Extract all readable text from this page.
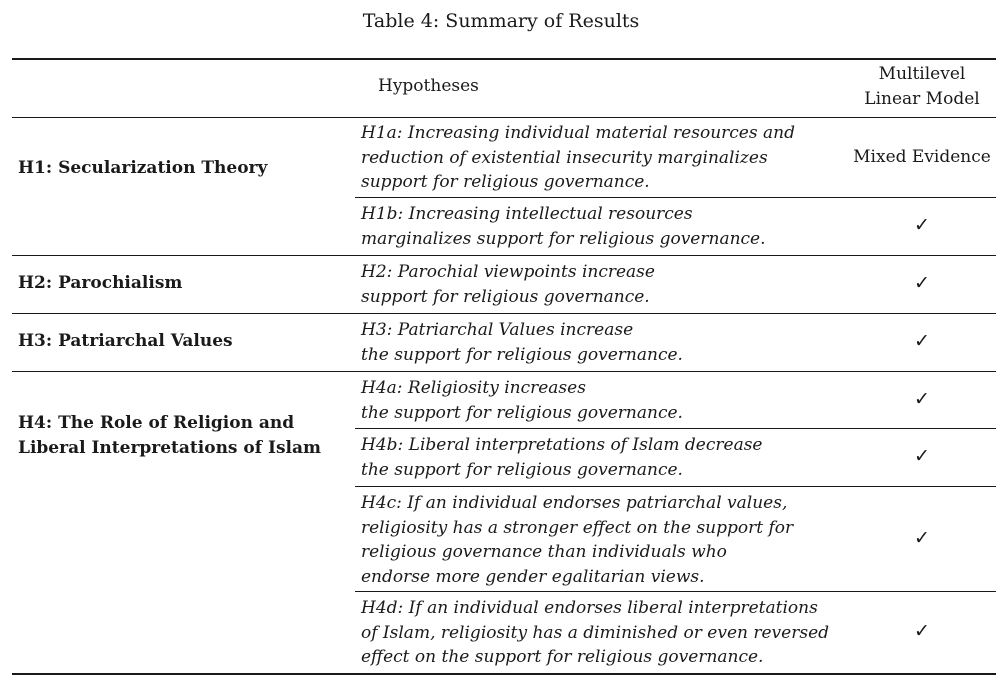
Table 4: Summary of Results
Hypotheses
Multilevel
Linear Model
H1: Secularization Theory
H2: Parochialism
H3: Patriarchal Values
H4: The Role of Religion and
Liberal Interpretations of Islam
H1a: Increasing individual material resources and
reduction of existential insecurity marginalizes
support for religious governance.
Mixed Evidence
H1b: Increasing intellectual resources
marginalizes support for religious governance.
✓
H2: Parochial viewpoints increase
support for religious governance.
✓
H3: Patriarchal Values increase
the support for religious governance.
✓
H4a: Religiosity increases
the support for religious governance.
✓
H4b: Liberal interpretations of Islam decrease
the support for religious governance.
✓
H4c: If an individual endorses patriarchal values,
religiosity has a stronger effect on the support for
religious governance than individuals who
endorse more gender egalitarian views.
✓
H4d: If an individual endorses liberal interpretations
of Islam, religiosity has a diminished or even reversed
effect on the support for religious governance.
✓
